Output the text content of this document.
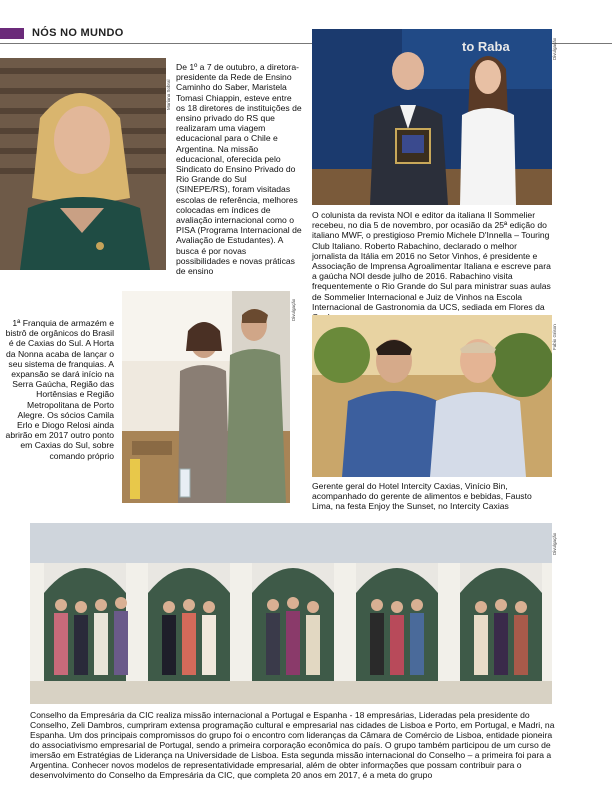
NÓS NO MUNDO
Mariana Sobral
De 1º a 7 de outubro, a diretora-presidente da Rede de Ensino Caminho do Saber, Maristela Tomasi Chiappin, esteve entre os 18 diretores de instituições de ensino privado do RS que realizaram uma viagem educacional para o Chile e Argentina. Na missão educacional, oferecida pelo Sindicato do Ensino Privado do Rio Grande do Sul (SINEPE/RS), foram visitadas escolas de referência, melhores colocadas em índices de avaliação internacional como o PISA (Programa Internacional de Avaliação de Estudantes). A busca é por novas possibilidades e novas práticas de ensino
to Raba	Divulgação
O colunista da revista NOI e editor da italiana Il Sommelier recebeu, no dia 5 de novembro, por ocasião da 25ª edição do italiano MWF, o prestigioso Premio Michele D'Innella – Touring Club Italiano. Roberto Rabachino, declarado o melhor jornalista da Itália em 2016 no Setor Vinhos, é presidente e Associação de Imprensa Agroalimentar Italiana e escreve para a gaúcha NOI desde julho de 2016. Rabachino visita frequentemente o Rio Grande do Sul para ministrar suas aulas de Sommelier Internacional e Juiz de Vinhos na Escola Internacional de Gastronomia da UCS, sediada em Flores da
Divulgação
1ª Franquia de armazém e bistrô de orgânicos do Brasil é de Caxias do Sul. A Horta da Nonna acaba de lançar o seu sistema de franquias. A expansão se dará início na Serra Gaúcha, Região das Hortênsias e Região Metropolitana de Porto Alegre. Os sócios Camila Erlo e Diogo Relosi ainda abrirão em 2017 outro ponto em Caxias do Sul, sobre comando próprio
Fabio Grison
Gerente geral do Hotel Intercity Caxias, Vinício Bin, acompanhado do gerente de alimentos e bebidas, Fausto Lima, na festa Enjoy the Sunset, no Intercity Caxias
Divulgação
Conselho da Empresária da CIC realiza missão internacional a Portugal e Espanha - 18 empresárias, Lideradas pela presidente do Conselho, Zeli Dambros, cumpriram extensa programação cultural e empresarial nas cidades de Lisboa e Porto, em Portugal, e Madri, na Espanha. Um dos principais compromissos do grupo foi o encontro com lideranças da Câmara de Comércio de Lisboa, entidade pioneira do associativismo empresarial de Portugal, sendo a primeira corporação econômica do país. O grupo também participou de um curso de imersão em Estratégias de Liderança na Universidade de Lisboa. Esta segunda missão internacional do Conselho – a primeira foi para a Argentina. Conhecer novos modelos de representatividade empresarial, além de obter informações que possam contribuir para o desenvolvimento do Conselho da Empresária da CIC, que completa 20 anos em 2017, é a meta do grupo
